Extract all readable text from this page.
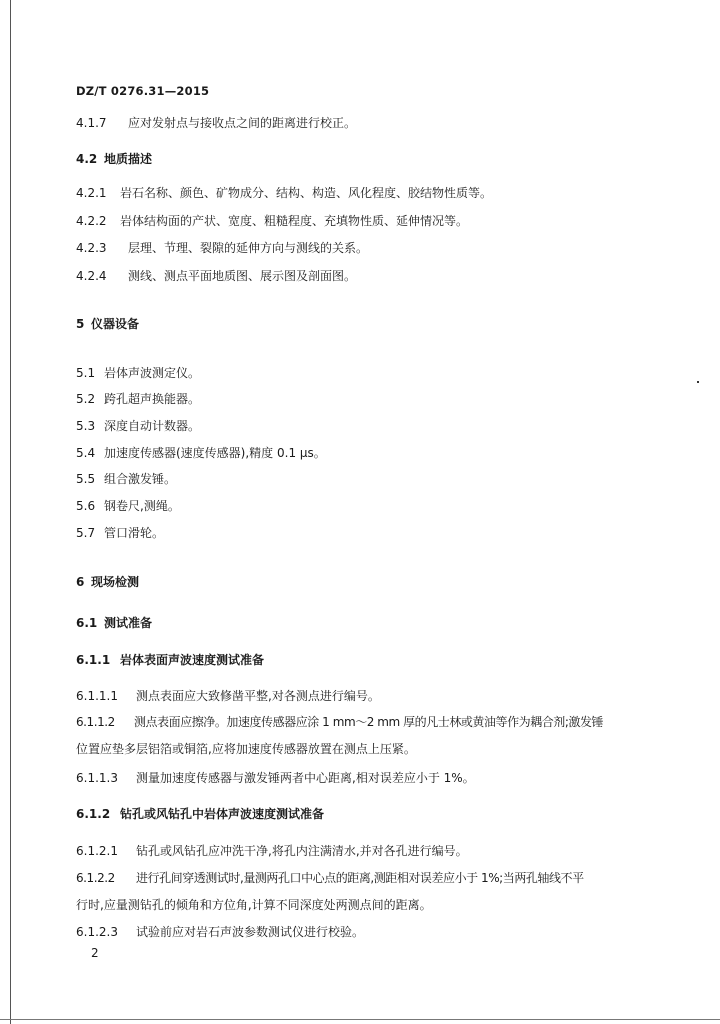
DZ/T 0276.31—2015
4.1.7 应对发射点与接收点之间的距离进行校正。
4.2 地质描述
4.2.1 岩石名称、颜色、矿物成分、结构、构造、风化程度、胶结物性质等。
4.2.2 岩体结构面的产状、宽度、粗糙程度、充填物性质、延伸情况等。
4.2.3 层理、节理、裂隙的延伸方向与测线的关系。
4.2.4 测线、测点平面地质图、展示图及剖面图。
5 仪器设备
5.1 岩体声波测定仪。
5.2 跨孔超声换能器。
5.3 深度自动计数器。
5.4 加速度传感器(速度传感器),精度 0.1 μs。
5.5 组合激发锤。
5.6 钢卷尺,测绳。
5.7 管口滑轮。
6 现场检测
6.1 测试准备
6.1.1 岩体表面声波速度测试准备
6.1.1.1 测点表面应大致修凿平整,对各测点进行编号。
6.1.1.2 测点表面应擦净。加速度传感器应涂 1 mm～2 mm 厚的凡士林或黄油等作为耦合剂;激发锤
位置应垫多层铝箔或铜箔,应将加速度传感器放置在测点上压紧。
6.1.1.3 测量加速度传感器与激发锤两者中心距离,相对误差应小于 1%。
6.1.2 钻孔或风钻孔中岩体声波速度测试准备
6.1.2.1 钻孔或风钻孔应冲洗干净,将孔内注满清水,并对各孔进行编号。
6.1.2.2 进行孔间穿透测试时,量测两孔口中心点的距离,测距相对误差应小于 1%;当两孔轴线不平
行时,应量测钻孔的倾角和方位角,计算不同深度处两测点间的距离。
6.1.2.3 试验前应对岩石声波参数测试仪进行校验。
2
